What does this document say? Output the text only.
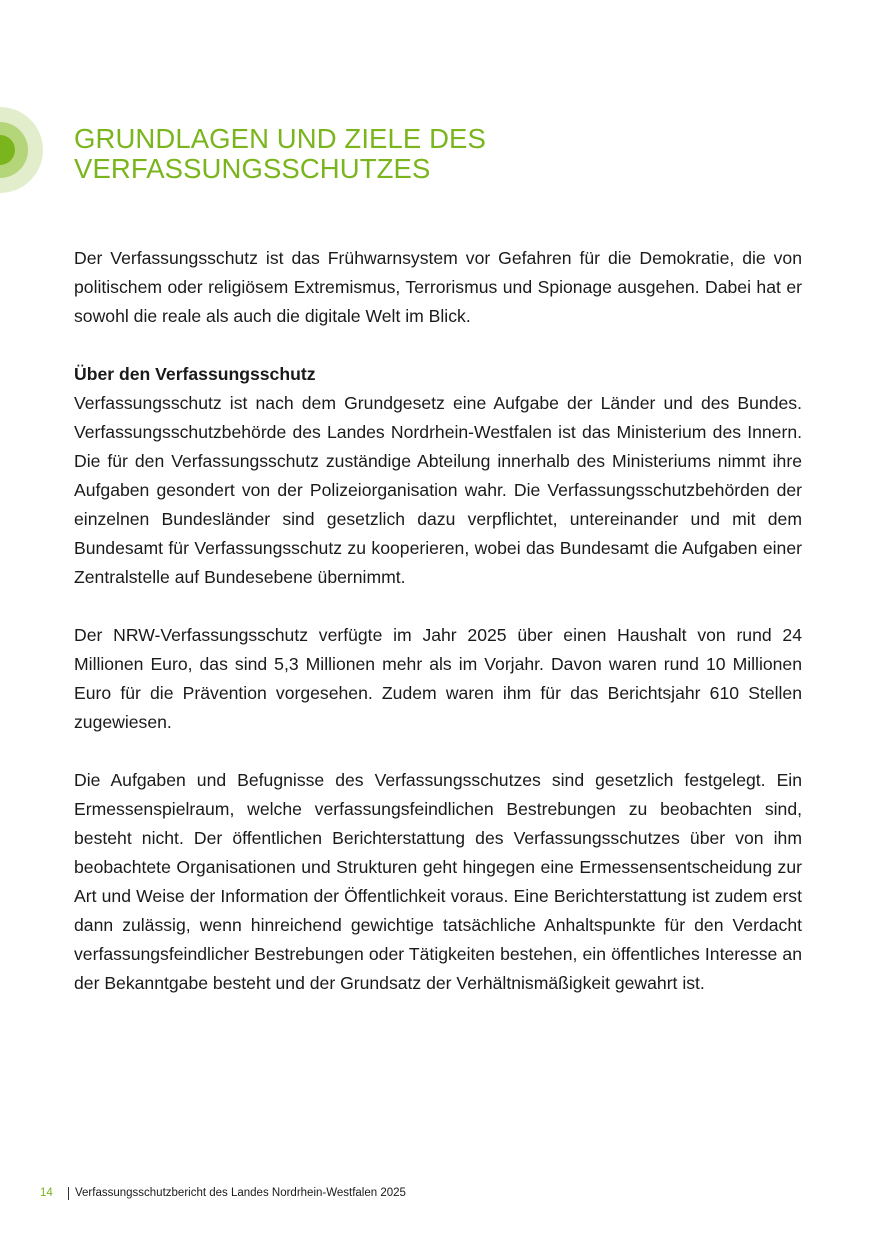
GRUNDLAGEN UND ZIELE DES
VERFASSUNGSSCHUTZES

Der Verfassungsschutz ist das Frühwarnsystem vor Gefahren für die Demokratie, die von politischem oder religiösem Extremismus, Terrorismus und Spionage ausgehen. Dabei hat er sowohl die reale als auch die digitale Welt im Blick.

Über den Verfassungsschutz

Verfassungsschutz ist nach dem Grundgesetz eine Aufgabe der Länder und des Bundes. Verfassungsschutzbehörde des Landes Nordrhein-Westfalen ist das Ministerium des Innern. Die für den Verfassungsschutz zuständige Abteilung innerhalb des Ministeriums nimmt ihre Aufgaben gesondert von der Polizeiorganisation wahr. Die Verfassungsschutzbehörden der einzelnen Bundesländer sind gesetzlich dazu verpflichtet, untereinander und mit dem Bundesamt für Verfassungsschutz zu kooperieren, wobei das Bundesamt die Aufgaben einer Zentralstelle auf Bundesebene übernimmt.

Der NRW-Verfassungsschutz verfügte im Jahr 2025 über einen Haushalt von rund 24 Millionen Euro, das sind 5,3 Millionen mehr als im Vorjahr. Davon waren rund 10 Millionen Euro für die Prävention vorgesehen. Zudem waren ihm für das Berichtsjahr 610 Stellen zugewiesen.

Die Aufgaben und Befugnisse des Verfassungsschutzes sind gesetzlich festgelegt. Ein Ermessenspielraum, welche verfassungsfeindlichen Bestrebungen zu beobachten sind, besteht nicht. Der öffentlichen Berichterstattung des Verfassungsschutzes über von ihm beobachtete Organisationen und Strukturen geht hingegen eine Ermessensentscheidung zur Art und Weise der Information der Öffentlichkeit voraus. Eine Berichterstattung ist zudem erst dann zulässig, wenn hinreichend gewichtige tatsächliche Anhaltspunkte für den Verdacht verfassungsfeindlicher Bestrebungen oder Tätigkeiten bestehen, ein öffentliches Interesse an der Bekanntgabe besteht und der Grundsatz der Verhältnismäßigkeit gewahrt ist.

14	Verfassungsschutzbericht des Landes Nordrhein-Westfalen 2025
